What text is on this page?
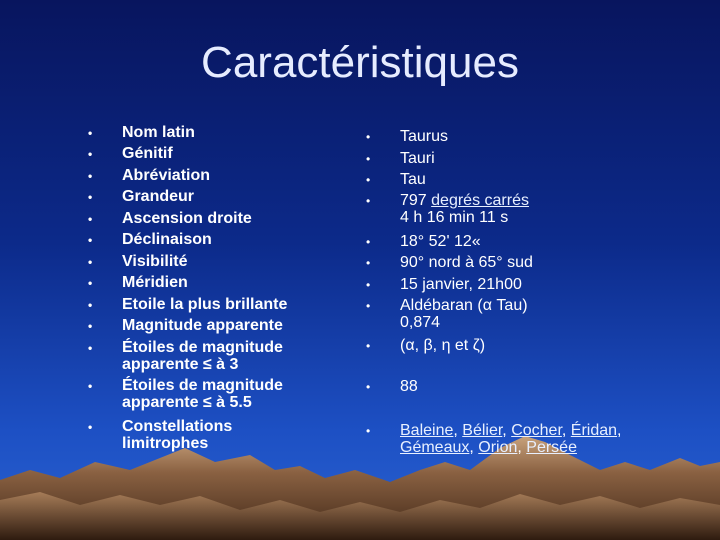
Caractéristiques
• Nom latin
• Génitif
• Abréviation
• Grandeur
• Ascension droite
• Déclinaison
• Visibilité
• Méridien
• Etoile la plus brillante
• Magnitude apparente
• Étoiles de magnitude
apparente ≤ à 3
• Étoiles de magnitude
apparente ≤ à 5.5
• Constellations
limitrophes
• Taurus
• Tauri
• Tau
• 797 degrés carrés
4 h 16 min 11 s
• 18° 52' 12«
• 90° nord à 65° sud
• 15 janvier, 21h00
• Aldébaran (α Tau)
0,874
• (α, β, η et ζ)
• 88
• Baleine, Bélier, Cocher, Éridan,
Gémeaux, Orion, Persée
